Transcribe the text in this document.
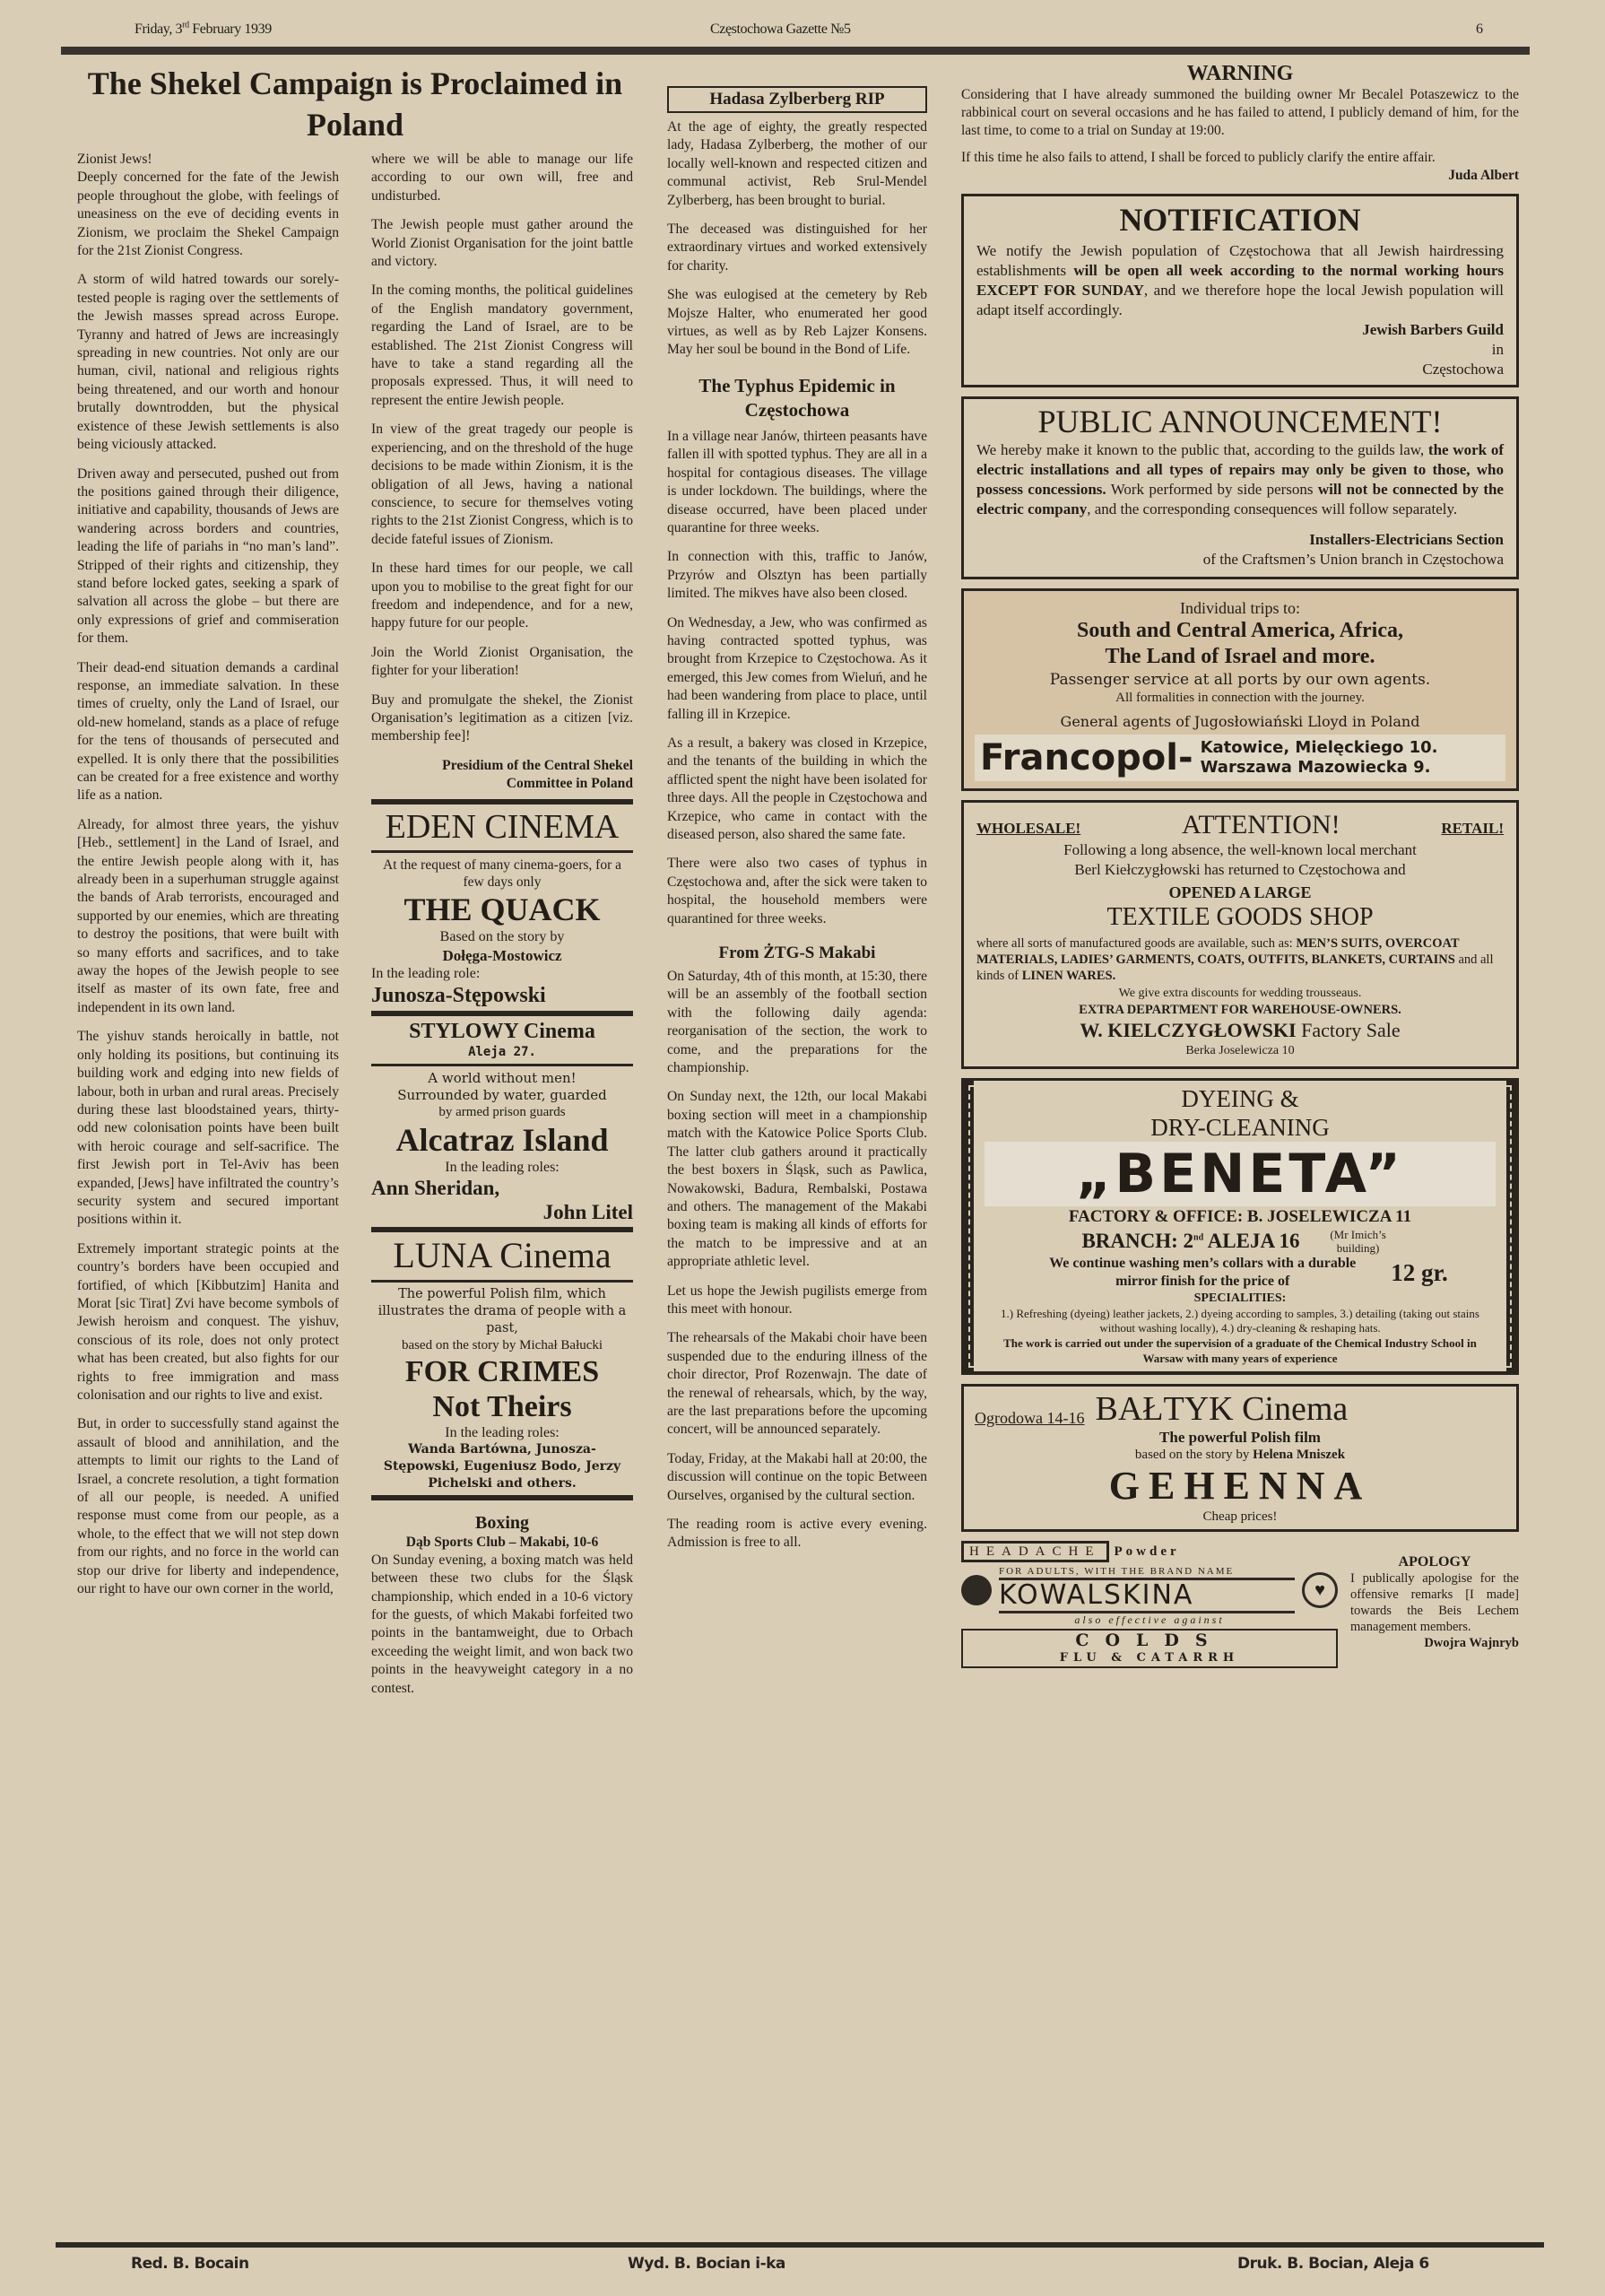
Friday, 3rd February 1939	Częstochowa Gazette №5	6
The Shekel Campaign is Proclaimed in Poland

Zionist Jews!
Deeply concerned for the fate of the Jewish people throughout the globe, with feelings of uneasiness on the eve of deciding events in Zionism, we proclaim the Shekel Campaign for the 21st Zionist Congress.

A storm of wild hatred towards our sorely-tested people is raging over the settlements of the Jewish masses spread across Europe. Tyranny and hatred of Jews are increasingly spreading in new countries. Not only are our human, civil, national and religious rights being threatened, and our worth and honour brutally downtrodden, but the physical existence of these Jewish settlements is also being viciously attacked.

Driven away and persecuted, pushed out from the positions gained through their diligence, initiative and capability, thousands of Jews are wandering across borders and countries, leading the life of pariahs in “no man’s land”. Stripped of their rights and citizenship, they stand before locked gates, seeking a spark of salvation all across the globe – but there are only expressions of grief and commiseration for them.

Their dead-end situation demands a cardinal response, an immediate salvation. In these times of cruelty, only the Land of Israel, our old-new homeland, stands as a place of refuge for the tens of thousands of persecuted and expelled. It is only there that the possibilities can be created for a free existence and worthy life as a nation.

Already, for almost three years, the yishuv [Heb., settlement] in the Land of Israel, and the entire Jewish people along with it, has already been in a superhuman struggle against the bands of Arab terrorists, encouraged and supported by our enemies, which are threating to destroy the positions, that were built with so many efforts and sacrifices, and to take away the hopes of the Jewish people to see itself as master of its own fate, free and independent in its own land.

The yishuv stands heroically in battle, not only holding its positions, but continuing its building work and edging into new fields of labour, both in urban and rural areas. Precisely during these last bloodstained years, thirty-odd new colonisation points have been built with heroic courage and self-sacrifice. The first Jewish port in Tel-Aviv has been expanded, [Jews] have infiltrated the country’s security system and secured important positions within it.

Extremely important strategic points at the country’s borders have been occupied and fortified, of which [Kibbutzim] Hanita and Morat [sic Tirat] Zvi have become symbols of Jewish heroism and conquest. The yishuv, conscious of its role, does not only protect what has been created, but also fights for our rights to free immigration and mass colonisation and our rights to live and exist.

But, in order to successfully stand against the assault of blood and annihilation, and the attempts to limit our rights to the Land of Israel, a concrete resolution, a tight formation of all our people, is needed. A unified response must come from our people, as a whole, to the effect that we will not step down from our rights, and no force in the world can stop our drive for liberty and independence, our right to have our own corner in the world,

where we will be able to manage our life according to our own will, free and undisturbed.

The Jewish people must gather around the World Zionist Organisation for the joint battle and victory.

In the coming months, the political guidelines of the English mandatory government, regarding the Land of Israel, are to be established. The 21st Zionist Congress will have to take a stand regarding all the proposals expressed. Thus, it will need to represent the entire Jewish people.

In view of the great tragedy our people is experiencing, and on the threshold of the huge decisions to be made within Zionism, it is the obligation of all Jews, having a national conscience, to secure for themselves voting rights to the 21st Zionist Congress, which is to decide fateful issues of Zionism.

In these hard times for our people, we call upon you to mobilise to the great fight for our freedom and independence, and for a new, happy future for our people.

Join the World Zionist Organisation, the fighter for your liberation!

Buy and promulgate the shekel, the Zionist Organisation’s legitimation as a citizen [viz. membership fee]!

Presidium of the Central Shekel Committee in Poland

EDEN CINEMA
At the request of many cinema-goers, for a few days only
THE QUACK
Based on the story by
Dołęga-Mostowicz
In the leading role:
Junosza-Stępowski
STYLOWY Cinema
Aleja 27.
A world without men!
Surrounded by water, guarded
by armed prison guards
Alcatraz Island
In the leading roles:
Ann Sheridan,
John Litel
LUNA Cinema
The powerful Polish film, which illustrates the drama of people with a past,
based on the story by Michał Bałucki
FOR CRIMES
Not Theirs
In the leading roles:
Wanda Bartówna, Junosza-Stępowski, Eugeniusz Bodo, Jerzy Pichelski and others.
Boxing
Dąb Sports Club – Makabi, 10-6

On Sunday evening, a boxing match was held between these two clubs for the Śląsk championship, which ended in a 10-6 victory for the guests, of which Makabi forfeited two points in the bantamweight, due to Orbach exceeding the weight limit, and won back two points in the heavyweight category in a no contest.

Hadasa Zylberberg RIP

At the age of eighty, the greatly respected lady, Hadasa Zylberberg, the mother of our locally well-known and respected citizen and communal activist, Reb Srul-Mendel Zylberberg, has been brought to burial.

The deceased was distinguished for her extraordinary virtues and worked extensively for charity.

She was eulogised at the cemetery by Reb Mojsze Halter, who enumerated her good virtues, as well as by Reb Lajzer Konsens. May her soul be bound in the Bond of Life.

The Typhus Epidemic in Częstochowa

In a village near Janów, thirteen peasants have fallen ill with spotted typhus. They are all in a hospital for contagious diseases. The village is under lockdown. The buildings, where the disease occurred, have been placed under quarantine for three weeks.

In connection with this, traffic to Janów, Przyrów and Olsztyn has been partially limited. The mikves have also been closed.

On Wednesday, a Jew, who was confirmed as having contracted spotted typhus, was brought from Krzepice to Częstochowa. As it emerged, this Jew comes from Wieluń, and he had been wandering from place to place, until falling ill in Krzepice.

As a result, a bakery was closed in Krzepice, and the tenants of the building in which the afflicted spent the night have been isolated for three days. All the people in Częstochowa and Krzepice, who came in contact with the diseased person, also shared the same fate.

There were also two cases of typhus in Częstochowa and, after the sick were taken to hospital, the household members were quarantined for three weeks.

From ŻTG-S Makabi

On Saturday, 4th of this month, at 15:30, there will be an assembly of the football section with the following daily agenda: reorganisation of the section, the work to come, and the preparations for the championship.

On Sunday next, the 12th, our local Makabi boxing section will meet in a championship match with the Katowice Police Sports Club. The latter club gathers around it practically the best boxers in Śląsk, such as Pawlica, Nowakowski, Badura, Rembalski, Postawa and others. The management of the Makabi boxing team is making all kinds of efforts for the match to be impressive and at an appropriate athletic level.

Let us hope the Jewish pugilists emerge from this meet with honour.

The rehearsals of the Makabi choir have been suspended due to the enduring illness of the choir director, Prof Rozenwajn. The date of the renewal of rehearsals, which, by the way, are the last preparations before the upcoming concert, will be announced separately.

Today, Friday, at the Makabi hall at 20:00, the discussion will continue on the topic Between Ourselves, organised by the cultural section.

The reading room is active every evening. Admission is free to all.

WARNING

Considering that I have already summoned the building owner Mr Becalel Potaszewicz to the rabbinical court on several occasions and he has failed to attend, I publicly demand of him, for the last time, to come to a trial on Sunday at 19:00.

If this time he also fails to attend, I shall be forced to publicly clarify the entire affair.

Juda Albert

NOTIFICATION

We notify the Jewish population of Częstochowa that all Jewish hairdressing establishments will be open all week according to the normal working hours EXCEPT FOR SUNDAY, and we therefore hope the local Jewish population will adapt itself accordingly.

Jewish Barbers Guild

in

Częstochowa

PUBLIC ANNOUNCEMENT!

We hereby make it known to the public that, according to the guilds law, the work of electric installations and all types of repairs may only be given to those, who possess concessions. Work performed by side persons will not be connected by the electric company, and the corresponding consequences will follow separately.

Installers-Electricians Section

of the Craftsmen’s Union branch in Częstochowa

Individual trips to:
South and Central America, Africa,
The Land of Israel and more.
Passenger service at all ports by our own agents.
All formalities in connection with the journey.
General agents of Jugosłowiański Lloyd in Poland
Francopol- Katowice, Mielęckiego 10.
Warszawa Mazowiecka 9.
WHOLESALE!	ATTENTION!	RETAIL!
Following a long absence, the well-known local merchant
Berl Kiełczygłowski has returned to Częstochowa and
OPENED A LARGE
TEXTILE GOODS SHOP

where all sorts of manufactured goods are available, such as: MEN’S SUITS, OVERCOAT MATERIALS, LADIES’ GARMENTS, COATS, OUTFITS, BLANKETS, CURTAINS and all kinds of LINEN WARES.

We give extra discounts for wedding trousseaus.
EXTRA DEPARTMENT FOR WAREHOUSE-OWNERS.
W. KIELCZYGŁOWSKI Factory Sale
Berka Joselewicza 10
DYEING &
DRY-CLEANING
„BENETA”
FACTORY & OFFICE: B. JOSELEWICZA 11
BRANCH: 2nd ALEJA 16	(Mr Imich’s building)
We continue washing men’s collars with a durable mirror finish for the price of	12 gr.
SPECIALITIES:
1.) Refreshing (dyeing) leather jackets, 2.) dyeing according to samples, 3.) detailing (taking out stains without washing locally), 4.) dry-cleaning & reshaping hats.
The work is carried out under the supervision of a graduate of the Chemical Industry School in Warsaw with many years of experience
Ogrodowa 14-16 BAŁTYK Cinema
The powerful Polish film
based on the story by Helena Mniszek
GEHENNA
Cheap prices!
HEADACHE	Powder
FOR ADULTS, WITH THE BRAND NAME
KOWALSKINA	♥
also effective against
COLDS
FLU & CATARRH
APOLOGY

I publically apologise for the offensive remarks [I made] towards the Beis Lechem management members.

Dwojra Wajnryb

Red. B. Bocain	Wyd. B. Bocian i-ka	Druk. B. Bocian, Aleja 6
